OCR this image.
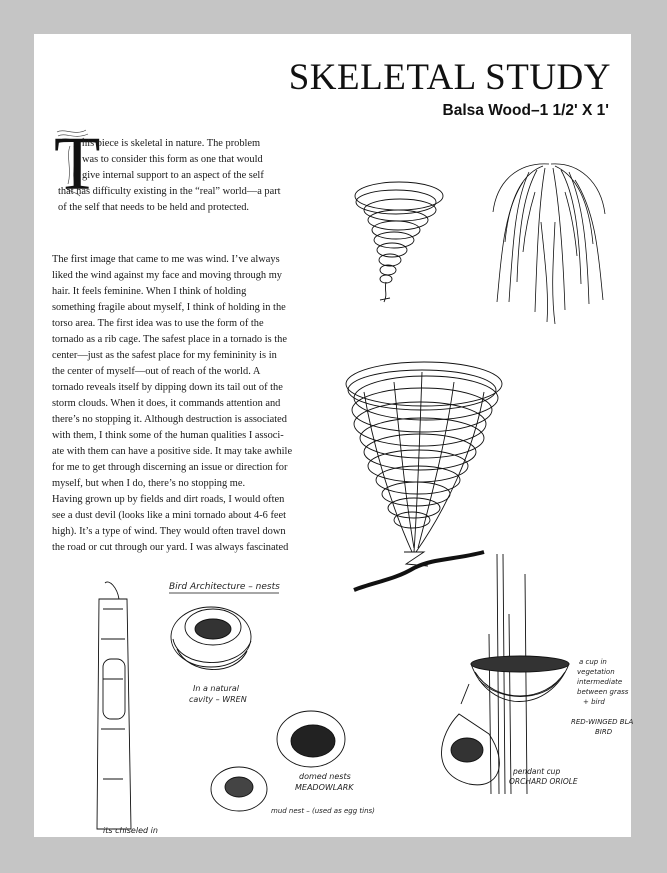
SKELETAL STUDY
Balsa Wood–1 1/2' X 1'
T

his piece is skeletal in nature. The problem
was to consider this form as one that would
give internal support to an aspect of the self
that has difficulty existing in the “real” world—a part
of the self that needs to be held and protected.

The first image that came to me was wind. I’ve always
liked the wind against my face and moving through my
hair. It feels feminine. When I think of holding
something fragile about myself, I think of holding in the
torso area. The first idea was to use the form of the
tornado as a rib cage. The safest place in a tornado is the
center—just as the safest place for my femininity is in
the center of myself—out of reach of the world. A
tornado reveals itself by dipping down its tail out of the
storm clouds. When it does, it commands attention and
there’s no stopping it. Although destruction is associated
with them, I think some of the human qualities I associ-
ate with them can have a positive side. It may take awhile
for me to get through discerning an issue or direction for
myself, but when I do, there’s no stopping me.

Having grown up by fields and dirt roads, I would often
see a dust devil (looks like a mini tornado about 4-6 feet
high). It’s a type of wind. They would often travel down
the road or cut through our yard. I was always fascinated

Bird Architecture – nests
In a natural cavity – WREN
domed nests MEADOWLARK
mud nest – (used as egg tins)
its chiseled in
a cup in vegetation intermediate between grass + bird
RED-WINGED BLA BIRD
pendant cup ORCHARD ORIOLE
